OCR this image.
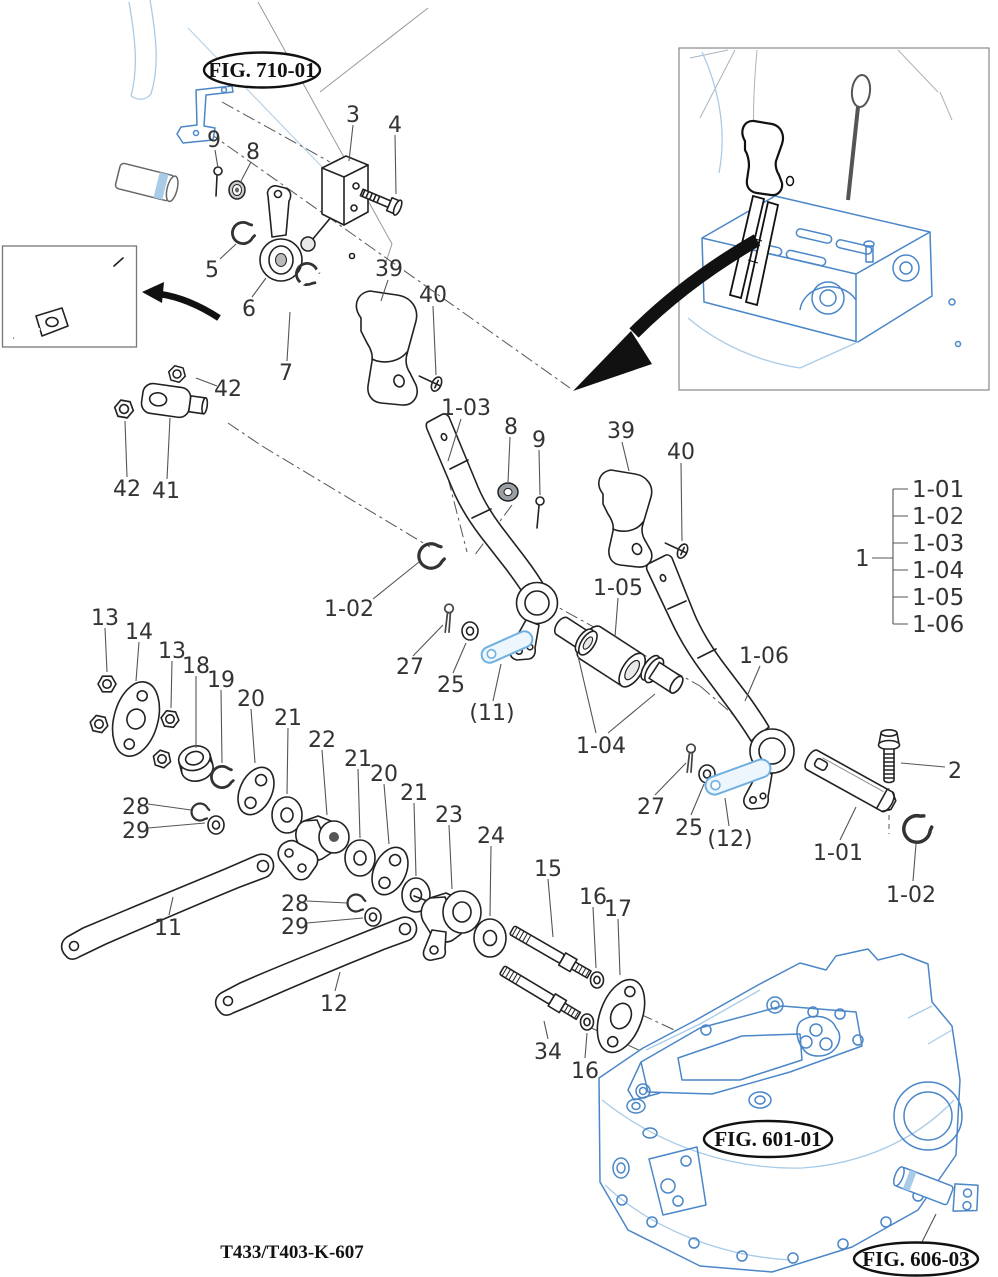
9 8
3 4
5
6
39
40
7
42
42 41
1-03
8
9	39
40
1-02
1-05
13
14
13
18
19
20
21
22
27
25
(11)
1-04
1-06
21
20
21
23
24
28
29
15
16
17
27
25 (12)
2
28
29
11
1-01
1-02
12
34
16
FIG. 710-01
FIG. 601-01
FIG. 606-03
1
1-01
1-02
1-03
1-04
1-05
1-06
T433/T403-K-607
